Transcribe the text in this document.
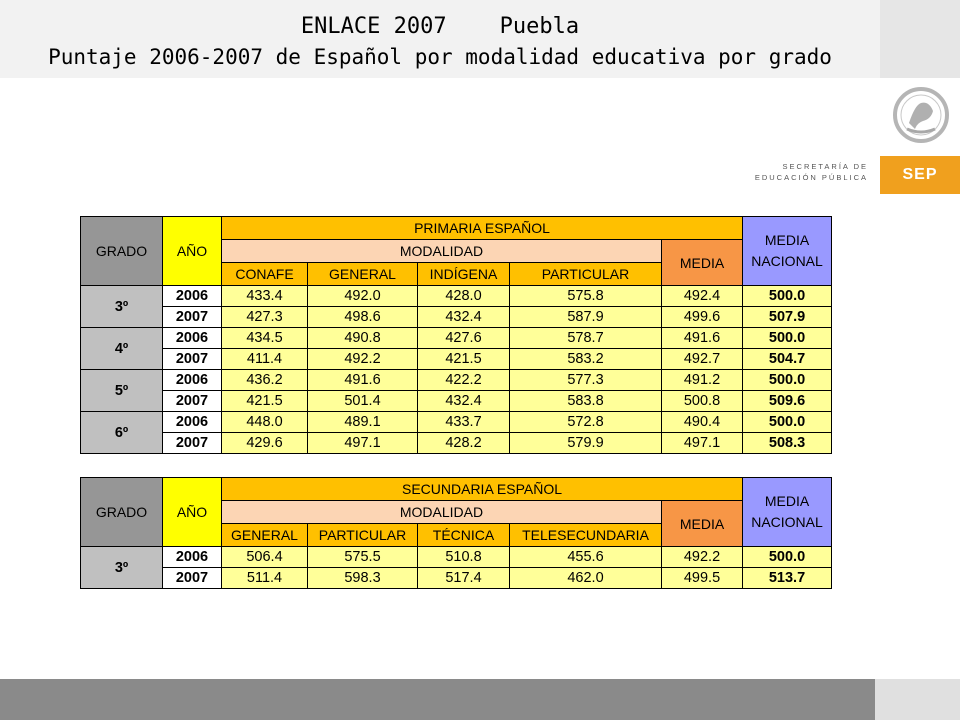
ENLACE 2007    Puebla
Puntaje 2006-2007 de Español por modalidad educativa por grado
SEP
SECRETARÍA DE
EDUCACIÓN PÚBLICA
GRADO	AÑO	PRIMARIA ESPAÑOL					MEDIA NACIONAL
		MODALIDAD				MEDIA	
		CONAFE	GENERAL	INDÍGENA	PARTICULAR		
3º	2006	433.4	492.0	428.0	575.8	492.4	500.0
	2007	427.3	498.6	432.4	587.9	499.6	507.9
4º	2006	434.5	490.8	427.6	578.7	491.6	500.0
	2007	411.4	492.2	421.5	583.2	492.7	504.7
5º	2006	436.2	491.6	422.2	577.3	491.2	500.0
	2007	421.5	501.4	432.4	583.8	500.8	509.6
6º	2006	448.0	489.1	433.7	572.8	490.4	500.0
	2007	429.6	497.1	428.2	579.9	497.1	508.3
GRADO	AÑO	SECUNDARIA ESPAÑOL					MEDIA NACIONAL
		MODALIDAD				MEDIA	
		GENERAL	PARTICULAR	TÉCNICA	TELESECUNDARIA		
3º	2006	506.4	575.5	510.8	455.6	492.2	500.0
	2007	511.4	598.3	517.4	462.0	499.5	513.7
